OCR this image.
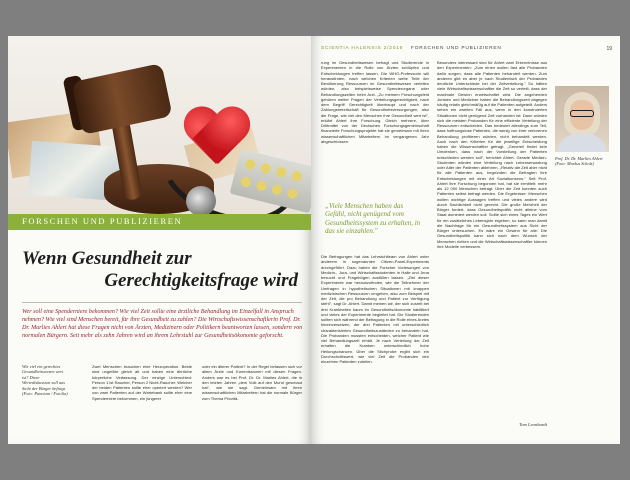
FORSCHEN UND PUBLIZIEREN
Wenn Gesundheit zur
Gerechtigkeitsfrage wird

Wer soll eine Spenderniere bekommen? Wie viel Zeit sollte eine ärztliche Behandlung im Einzelfall in Anspruch nehmen? Wie viel sind Menschen bereit, für ihre Gesundheit zu zahlen? Die Wirtschaftswissenschaftlerin Prof. Dr. Dr. Marlies Ahlert hat diese Fragen nicht von Ärzten, Medizinern oder Politikern beantworten lassen, sondern von normalen Bürgern. Seit mehr als zehn Jahren wird an ihrem Lehrstuhl zur Gesundheitsökonomie geforscht.

Wie viel ein gerechtes Gesundheitswesen wert ist? Diese Wertediskussion soll aus Sicht der Bürger befragt. (Foto: Punctum / Fotolia)

Zwei Menschen brauchen eine Herzoperation. Beide sind ungefähr gleich alt und haben eine ähnliche körperliche Verfassung. Der einzige Unterschied: Person 1 ist Raucher, Person 2 Nicht-Raucher. Welcher der beiden Patienten sollte eher operiert werden? Wer von zwei Patienten auf der Wartebank sollte eher eine Spenderniere bekommen, ein jüngerer

oder ein älterer Patient? In der Regel befassen sich vor allem Ärzte und Kommissionen mit diesen Fragen. Anders war es bei Prof. Dr. Dr. Marlies Ahlert, die in den letzten Jahren „dem Volk auf den Mund geschaut hat", wie sie sagt. Gemeinsam mit ihren wissenschaftlichen Mitarbeitern hat die normale Bürger zum Thema Prioritä-

SCIENTIA HALENSIS 2/2015 FORSCHEN UND PUBLIZIEREN	19

rung im Gesundheitswesen befragt und Studierende in Experimenten in die Rolle von Ärzten schlüpfen und Entscheidungen treffen lassen. Die WHO-Professorin will herausfinden, nach welchen Kriterien weite Teile der Bevölkerung Ressourcen im Gesundheitswesen verteilen würden, also beispielsweise Spenderorgane oder Behandlungszeiten beim Arzt. „Zu meinem Forschungsfeld gehören weiter Fragen der Verteilungsgerechtigkeit, nach dem Begriff Gerechtigkeit überhaupt und nach der Zahlungsbereitschaft für Gesundheitsversorgungen, also die Frage, wie viel den Menschen ihre Gesundheit wert ist", erklärt Ahlert ihre Forschung. Gleich mehrere, über Drittmittel von der Deutschen Forschungsgemeinschaft finanzierte Forschungsprojekte hat sie gemeinsam mit ihren wissenschaftlichen Mitarbeitern im vergangenen Jahr abgeschlossen.

„Viele Menschen haben das Gefühl, nicht genügend vom Gesundheitssystem zu erhalten, in das sie einzahlen."

Die Befragungen hat das Lehrstuhlteam von Ahlert unter anderem in sogenannten Citizen-Panel-Experiments durchgeführt. Dazu haben die Forscher Vorlesungen von Medizin-, Jura- und Wirtschaftsstudenten in Halle und Jena besucht und Fragebögen ausfüllen lassen. „Ziel dieser Experimente war herauszufinden, wie die Teilnehmer der Umfragen in hypothetischen Situationen mit knappen medizinischen Ressourcen umgehen, also zum Beispiel mit der Zeit, die pro Behandlung und Patient zur Verfügung steht", sagt Dr. Ahlert. Damit meinen wir, der sich zurzeit bei drei Krankheiten kaum im Gesundheitsökonomie habilitiert und vieles der Experimente begleitet hat. Die Studierenden sollten sich während der Befragung in die Rolle eines Arztes hineinversetzen, der drei Patienten mit unterschiedlich charakterisierten Gesundheitszuständen zu behandeln hat. Die Probanden mussten entscheiden, welcher Patient wie viel Behandlungszeit erhält. Je nach Verteilung der Zeit erhalten die Kranken unterschiedlich hohe Heilungschancen. Über die Stichprobe ergibt sich ein Durchschnittswert, wie viel Zeit die Probanden den einzelnen Patienten zuteilen.

Besonders interessant sind für Ahlert zwei Erkenntnisse aus den Experimenten: „Zum einen wollen fast alle Probanden dafür sorgen, dass alle Patienten behandelt werden. Zum anderen gibt es aber je nach Studienfach der Probanden deutliche Unterschiede bei der Zeitverteilung." So hätten viele Wirtschaftswissenschaftler die Zeit so verteilt, dass der maximale Gewinn erwirtschaftet wird. Die angehenden Juristen und Mediziner haben die Behandlungszeit dagegen häufig relativ gleichmäßig auf die Patienten aufgeteilt. Anders sehen ein zweiten Fall aus, wenn in den konstruierten Situationen nicht genügend Zeit vorhanden ist: Dann würden sich die meisten Probanden für eine effiziente Verteilung der Ressourcen entscheiden. Das bedeutet allerdings zum Teil, dass hoffnungslose Patienten, die wenig von ihrer verlorenen Behandlung profitieren würden, nicht behandelt werden. Auch nach den Kriterien für die jeweilige Entscheidung haben die Wissenschaftler gefragt. „Generell findet kein Umdenken, dass nach der Vorstellung der Patienten entschieden werden soll", berichtet Ahlert. Gerade Medizin-Studenten würden eine Verteilung nach Lebenserwartung oder Alter der Patienten ablehnen. „Relativ die Zeit aber nicht für alle Patienten aus, begründen die Befragten ihre Entscheidungen mit einer Art Sozialkonsens." Seit Prof. Ahlert ihre Forschung begonnen hat, hat sie ermittelt: mehr als 12 000 Menschen befragt. Über die Zeit konnten auch Patienten selbst befragt werden. Die Ergebnisse: Menschen wollen wichtige Aussagen treffen und vieles andere wird durch Sachlichkeit nicht gerecht. Die große Mehrheit der Bürger fordert, dass Gesundheitspolitik nicht alleine vom Staat dominiert werden soll. Sollte sich eines Tages ein Wert für ein zusätzliches Lebensjahr ergeben, so kann man damit die Nachfrage für ein Gesundheitssystem aus Sicht der Bürger untersuchen. Es wäre ein Gewinn für alle: Die Gesundheitspolitik kann sich nach dem Wunsch der Menschen richten und die Wirtschaftswissenschaftler können ihre Modelle verbessern.

Prof. Dr. Dr. Marlies Ahlert (Foto: Markus Scholz)

Tom Leonhardt
